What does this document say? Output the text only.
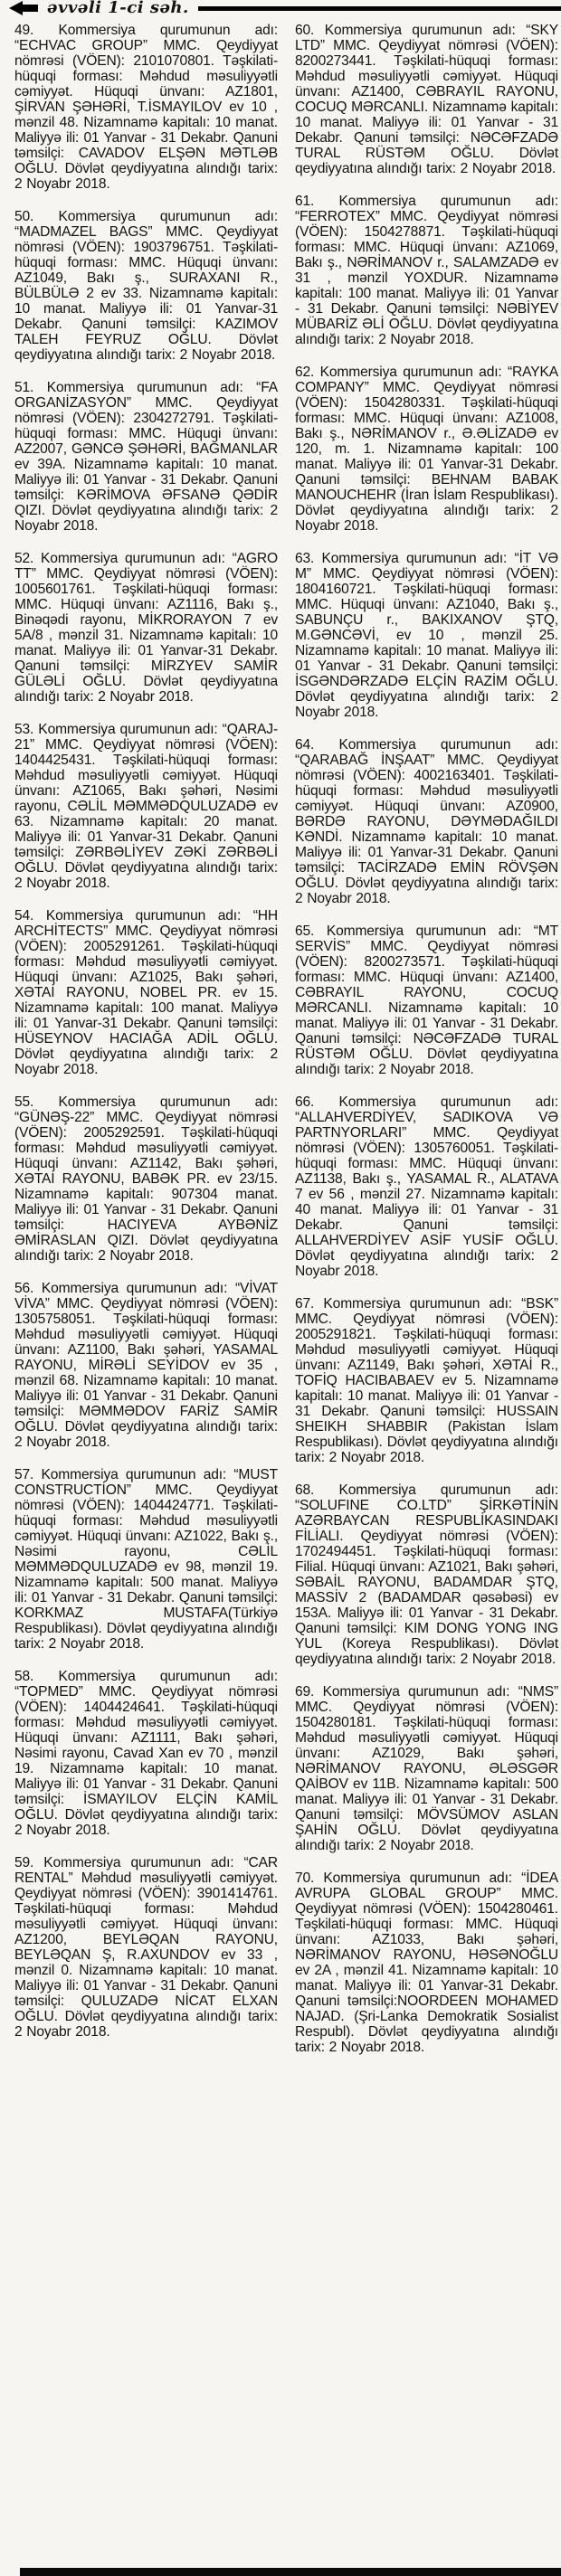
əvvəli 1-ci səh.

49. Kommersiya qurumunun adı: “ECHVAC GROUP” MMC. Qeydiyyat nömrəsi (VÖEN): 2101070801. Təşkilati-hüquqi forması: Məhdud məsuliyyətli cəmiyyət. Hüquqi ünvanı: AZ1801, ŞİRVAN ŞƏHƏRİ, T.İSMAYILOV ev 10 , mənzil 48. Nizamnamə kapitalı: 10 manat. Maliyyə ili: 01 Yanvar - 31 Dekabr. Qanuni təmsilçi: CAVADOV ELŞƏN MƏTLƏB OĞLU. Dövlət qeydiyyatına alındığı tarix: 2 Noyabr 2018.

50. Kommersiya qurumunun adı: “MADMAZEL BAGS” MMC. Qeydiyyat nömrəsi (VÖEN): 1903796751. Təşkilati-hüquqi forması: MMC. Hüquqi ünvanı: AZ1049, Bakı ş., SURAXANI R., BÜLBÜLƏ 2 ev 33. Nizamnamə kapitalı: 10 manat. Maliyyə ili: 01 Yanvar-31 Dekabr. Qanuni təmsilçi: KAZIMOV TALEH FEYRUZ OĞLU. Dövlət qeydiyyatına alındığı tarix: 2 Noyabr 2018.

51. Kommersiya qurumunun adı: “FA ORGANİZASYON” MMC. Qeydiyyat nömrəsi (VÖEN): 2304272791. Təşkilati-hüquqi forması: MMC. Hüquqi ünvanı: AZ2007, GƏNCƏ ŞƏHƏRİ, BAĞMANLAR ev 39A. Nizamnamə kapitalı: 10 manat. Maliyyə ili: 01 Yanvar - 31 Dekabr. Qanuni təmsilçi: KƏRİMOVA ƏFSANƏ QƏDİR QIZI. Dövlət qeydiyyatına alındığı tarix: 2 Noyabr 2018.

52. Kommersiya qurumunun adı: “AGRO TT” MMC. Qeydiyyat nömrəsi (VÖEN): 1005601761. Təşkilati-hüquqi forması: MMC. Hüquqi ünvanı: AZ1116, Bakı ş., Binəqədi rayonu, MİKRORAYON 7 ev 5A/8 , mənzil 31. Nizamnamə kapitalı: 10 manat. Maliyyə ili: 01 Yanvar-31 Dekabr. Qanuni təmsilçi: MİRZYEV SAMİR GÜLƏLİ OĞLU. Dövlət qeydiyyatına alındığı tarix: 2 Noyabr 2018.

53. Kommersiya qurumunun adı: “QARAJ-21” MMC. Qeydiyyat nömrəsi (VÖEN): 1404425431. Təşkilati-hüquqi forması: Məhdud məsuliyyətli cəmiyyət. Hüquqi ünvanı: AZ1065, Bakı şəhəri, Nəsimi rayonu, CƏLİL MƏMMƏDQULUZADƏ ev 63. Nizamnamə kapitalı: 20 manat. Maliyyə ili: 01 Yanvar-31 Dekabr. Qanuni təmsilçi: ZƏRBƏLİYEV ZƏKİ ZƏRBƏLİ OĞLU. Dövlət qeydiyyatına alındığı tarix: 2 Noyabr 2018.

54. Kommersiya qurumunun adı: “HH ARCHİTECTS” MMC. Qeydiyyat nömrəsi (VÖEN): 2005291261. Təşkilati-hüquqi forması: Məhdud məsuliyyətli cəmiyyət. Hüquqi ünvanı: AZ1025, Bakı şəhəri, XƏTAİ RAYONU, NOBEL PR. ev 15. Nizamnamə kapitalı: 100 manat. Maliyyə ili: 01 Yanvar-31 Dekabr. Qanuni təmsilçi: HÜSEYNOV HACIAĞA ADİL OĞLU. Dövlət qeydiyyatına alındığı tarix: 2 Noyabr 2018.

55. Kommersiya qurumunun adı: “GÜNƏŞ-22” MMC. Qeydiyyat nömrəsi (VÖEN): 2005292591. Təşkilati-hüquqi forması: Məhdud məsuliyyətli cəmiyyət. Hüquqi ünvanı: AZ1142, Bakı şəhəri, XƏTAİ RAYONU, BABƏK PR. ev 23/15. Nizamnamə kapitalı: 907304 manat. Maliyyə ili: 01 Yanvar - 31 Dekabr. Qanuni təmsilçi: HACIYEVA AYBƏNİZ ƏMİRASLAN QIZI. Dövlət qeydiyyatına alındığı tarix: 2 Noyabr 2018.

56. Kommersiya qurumunun adı: “VİVAT VİVA” MMC. Qeydiyyat nömrəsi (VÖEN): 1305758051. Təşkilati-hüquqi forması: Məhdud məsuliyyətli cəmiyyət. Hüquqi ünvanı: AZ1100, Bakı şəhəri, YASAMAL RAYONU, MİRƏLİ SEYİDOV ev 35 , mənzil 68. Nizamnamə kapitalı: 10 manat. Maliyyə ili: 01 Yanvar - 31 Dekabr. Qanuni təmsilçi: MƏMMƏDOV FARİZ SAMİR OĞLU. Dövlət qeydiyyatına alındığı tarix: 2 Noyabr 2018.

57. Kommersiya qurumunun adı: “MUST CONSTRUCTİON” MMC. Qeydiyyat nömrəsi (VÖEN): 1404424771. Təşkilati-hüquqi forması: Məhdud məsuliyyətli cəmiyyət. Hüquqi ünvanı: AZ1022, Bakı ş., Nəsimi rayonu, CƏLİL MƏMMƏDQULUZADƏ ev 98, mənzil 19. Nizamnamə kapitalı: 500 manat. Maliyyə ili: 01 Yanvar - 31 Dekabr. Qanuni təmsilçi: KORKMAZ MUSTAFA(Türkiyə Respublikası). Dövlət qeydiyyatına alındığı tarix: 2 Noyabr 2018.

58. Kommersiya qurumunun adı: “TOPMED” MMC. Qeydiyyat nömrəsi (VÖEN): 1404424641. Təşkilati-hüquqi forması: Məhdud məsuliyyətli cəmiyyət. Hüquqi ünvanı: AZ1111, Bakı şəhəri, Nəsimi rayonu, Cavad Xan ev 70 , mənzil 19. Nizamnamə kapitalı: 10 manat. Maliyyə ili: 01 Yanvar - 31 Dekabr. Qanuni təmsilçi: İSMAYILOV ELÇİN KAMİL OĞLU. Dövlət qeydiyyatına alındığı tarix: 2 Noyabr 2018.

59. Kommersiya qurumunun adı: “CAR RENTAL” Məhdud məsuliyyətli cəmiyyət. Qeydiyyat nömrəsi (VÖEN): 3901414761. Təşkilati-hüquqi forması: Məhdud məsuliyyətli cəmiyyət. Hüquqi ünvanı: AZ1200, BEYLƏQAN RAYONU, BEYLƏQAN Ş, R.AXUNDOV ev 33 , mənzil 0. Nizamnamə kapitalı: 10 manat. Maliyyə ili: 01 Yanvar - 31 Dekabr. Qanuni təmsilçi: QULUZADƏ NİCAT ELXAN OĞLU. Dövlət qeydiyyatına alındığı tarix: 2 Noyabr 2018.

60. Kommersiya qurumunun adı: “SKY LTD” MMC. Qeydiyyat nömrəsi (VÖEN): 8200273441. Təşkilati-hüquqi forması: Məhdud məsuliyyətli cəmiyyət. Hüquqi ünvanı: AZ1400, CƏBRAYIL RAYONU, COCUQ MƏRCANLI. Nizamnamə kapitalı: 10 manat. Maliyyə ili: 01 Yanvar - 31 Dekabr. Qanuni təmsilçi: NƏCƏFZADƏ TURAL RÜSTƏM OĞLU. Dövlət qeydiyyatına alındığı tarix: 2 Noyabr 2018.

61. Kommersiya qurumunun adı: “FERROTEX” MMC. Qeydiyyat nömrəsi (VÖEN): 1504278871. Təşkilati-hüquqi forması: MMC. Hüquqi ünvanı: AZ1069, Bakı ş., NƏRİMANOV r., SALAMZADƏ ev 31 , mənzil YOXDUR. Nizamnamə kapitalı: 100 manat. Maliyyə ili: 01 Yanvar - 31 Dekabr. Qanuni təmsilçi: NƏBİYEV MÜBARİZ ƏLİ OĞLU. Dövlət qeydiyyatına alındığı tarix: 2 Noyabr 2018.

62. Kommersiya qurumunun adı: “RAYKA COMPANY” MMC. Qeydiyyat nömrəsi (VÖEN): 1504280331. Təşkilati-hüquqi forması: MMC. Hüquqi ünvanı: AZ1008, Bakı ş., NƏRİMANOV r., Ə.ƏLİZADƏ ev 120, m. 1. Nizamnamə kapitalı: 100 manat. Maliyyə ili: 01 Yanvar-31 Dekabr. Qanuni təmsilçi: BEHNAM BABAK MANOUCHEHR (İran İslam Respublikası). Dövlət qeydiyyatına alındığı tarix: 2 Noyabr 2018.

63. Kommersiya qurumunun adı: “İT VƏ M” MMC. Qeydiyyat nömrəsi (VÖEN): 1804160721. Təşkilati-hüquqi forması: MMC. Hüquqi ünvanı: AZ1040, Bakı ş., SABUNÇU r., BAKIXANOV ŞTQ, M.GƏNCƏVİ, ev 10 , mənzil 25. Nizamnamə kapitalı: 10 manat. Maliyyə ili: 01 Yanvar - 31 Dekabr. Qanuni təmsilçi: İSGƏNDƏRZADƏ ELÇİN RAZİM OĞLU. Dövlət qeydiyyatına alındığı tarix: 2 Noyabr 2018.

64. Kommersiya qurumunun adı: “QARABAĞ İNŞAAT” MMC. Qeydiyyat nömrəsi (VÖEN): 4002163401. Təşkilati-hüquqi forması: Məhdud məsuliyyətli cəmiyyət. Hüquqi ünvanı: AZ0900, BƏRDƏ RAYONU, DƏYMƏDAĞILDI KƏNDİ. Nizamnamə kapitalı: 10 manat. Maliyyə ili: 01 Yanvar-31 Dekabr. Qanuni təmsilçi: TACİRZADƏ EMİN RÖVŞƏN OĞLU. Dövlət qeydiyyatına alındığı tarix: 2 Noyabr 2018.

65. Kommersiya qurumunun adı: “MT SERVİS” MMC. Qeydiyyat nömrəsi (VÖEN): 8200273571. Təşkilati-hüquqi forması: MMC. Hüquqi ünvanı: AZ1400, CƏBRAYIL RAYONU, COCUQ MƏRCANLI. Nizamnamə kapitalı: 10 manat. Maliyyə ili: 01 Yanvar - 31 Dekabr. Qanuni təmsilçi: NƏCƏFZADƏ TURAL RÜSTƏM OĞLU. Dövlət qeydiyyatına alındığı tarix: 2 Noyabr 2018.

66. Kommersiya qurumunun adı: “ALLAHVERDİYEV, SADIKOVA VƏ PARTNYORLARI” MMC. Qeydiyyat nömrəsi (VÖEN): 1305760051. Təşkilati-hüquqi forması: MMC. Hüquqi ünvanı: AZ1138, Bakı ş., YASAMAL R., ALATAVA 7 ev 56 , mənzil 27. Nizamnamə kapitalı: 40 manat. Maliyyə ili: 01 Yanvar - 31 Dekabr. Qanuni təmsilçi: ALLAHVERDİYEV ASİF YUSİF OĞLU. Dövlət qeydiyyatına alındığı tarix: 2 Noyabr 2018.

67. Kommersiya qurumunun adı: “BSK” MMC. Qeydiyyat nömrəsi (VÖEN): 2005291821. Təşkilati-hüquqi forması: Məhdud məsuliyyətli cəmiyyət. Hüquqi ünvanı: AZ1149, Bakı şəhəri, XƏTAİ R., TOFİQ HACIBABAEV ev 5. Nizamnamə kapitalı: 10 manat. Maliyyə ili: 01 Yanvar - 31 Dekabr. Qanuni təmsilçi: HUSSAIN SHEIKH SHABBIR (Pakistan İslam Respublikası). Dövlət qeydiyyatına alındığı tarix: 2 Noyabr 2018.

68. Kommersiya qurumunun adı: “SOLUFINE CO.LTD” ŞİRKƏTİNİN AZƏRBAYCAN RESPUBLİKASINDAKI FİLİALI. Qeydiyyat nömrəsi (VÖEN): 1702494451. Təşkilati-hüquqi forması: Filial. Hüquqi ünvanı: AZ1021, Bakı şəhəri, SƏBAİL RAYONU, BADAMDAR ŞTQ, MASSİV 2 (BADAMDAR qəsəbəsi) ev 153A. Maliyyə ili: 01 Yanvar - 31 Dekabr. Qanuni təmsilçi: KIM DONG YONG ING YUL (Koreya Respublikası). Dövlət qeydiyyatına alındığı tarix: 2 Noyabr 2018.

69. Kommersiya qurumunun adı: “NMS” MMC. Qeydiyyat nömrəsi (VÖEN): 1504280181. Təşkilati-hüquqi forması: Məhdud məsuliyyətli cəmiyyət. Hüquqi ünvanı: AZ1029, Bakı şəhəri, NƏRİMANOV RAYONU, ƏLƏSGƏR QAİBOV ev 11B. Nizamnamə kapitalı: 500 manat. Maliyyə ili: 01 Yanvar - 31 Dekabr. Qanuni təmsilçi: MÖVSÜMOV ASLAN ŞAHİN OĞLU. Dövlət qeydiyyatına alındığı tarix: 2 Noyabr 2018.

70. Kommersiya qurumunun adı: “İDEA AVRUPA GLOBAL GROUP” MMC. Qeydiyyat nömrəsi (VÖEN): 1504280461. Təşkilati-hüquqi forması: MMC. Hüquqi ünvanı: AZ1033, Bakı şəhəri, NƏRİMANOV RAYONU, HƏSƏNOĞLU ev 2A , mənzil 41. Nizamnamə kapitalı: 10 manat. Maliyyə ili: 01 Yanvar-31 Dekabr. Qanuni təmsilçi:NOORDEEN MOHAMED NAJAD. (Şri-Lanka Demokratik Sosialist Respubl). Dövlət qeydiyyatına alındığı tarix: 2 Noyabr 2018.
